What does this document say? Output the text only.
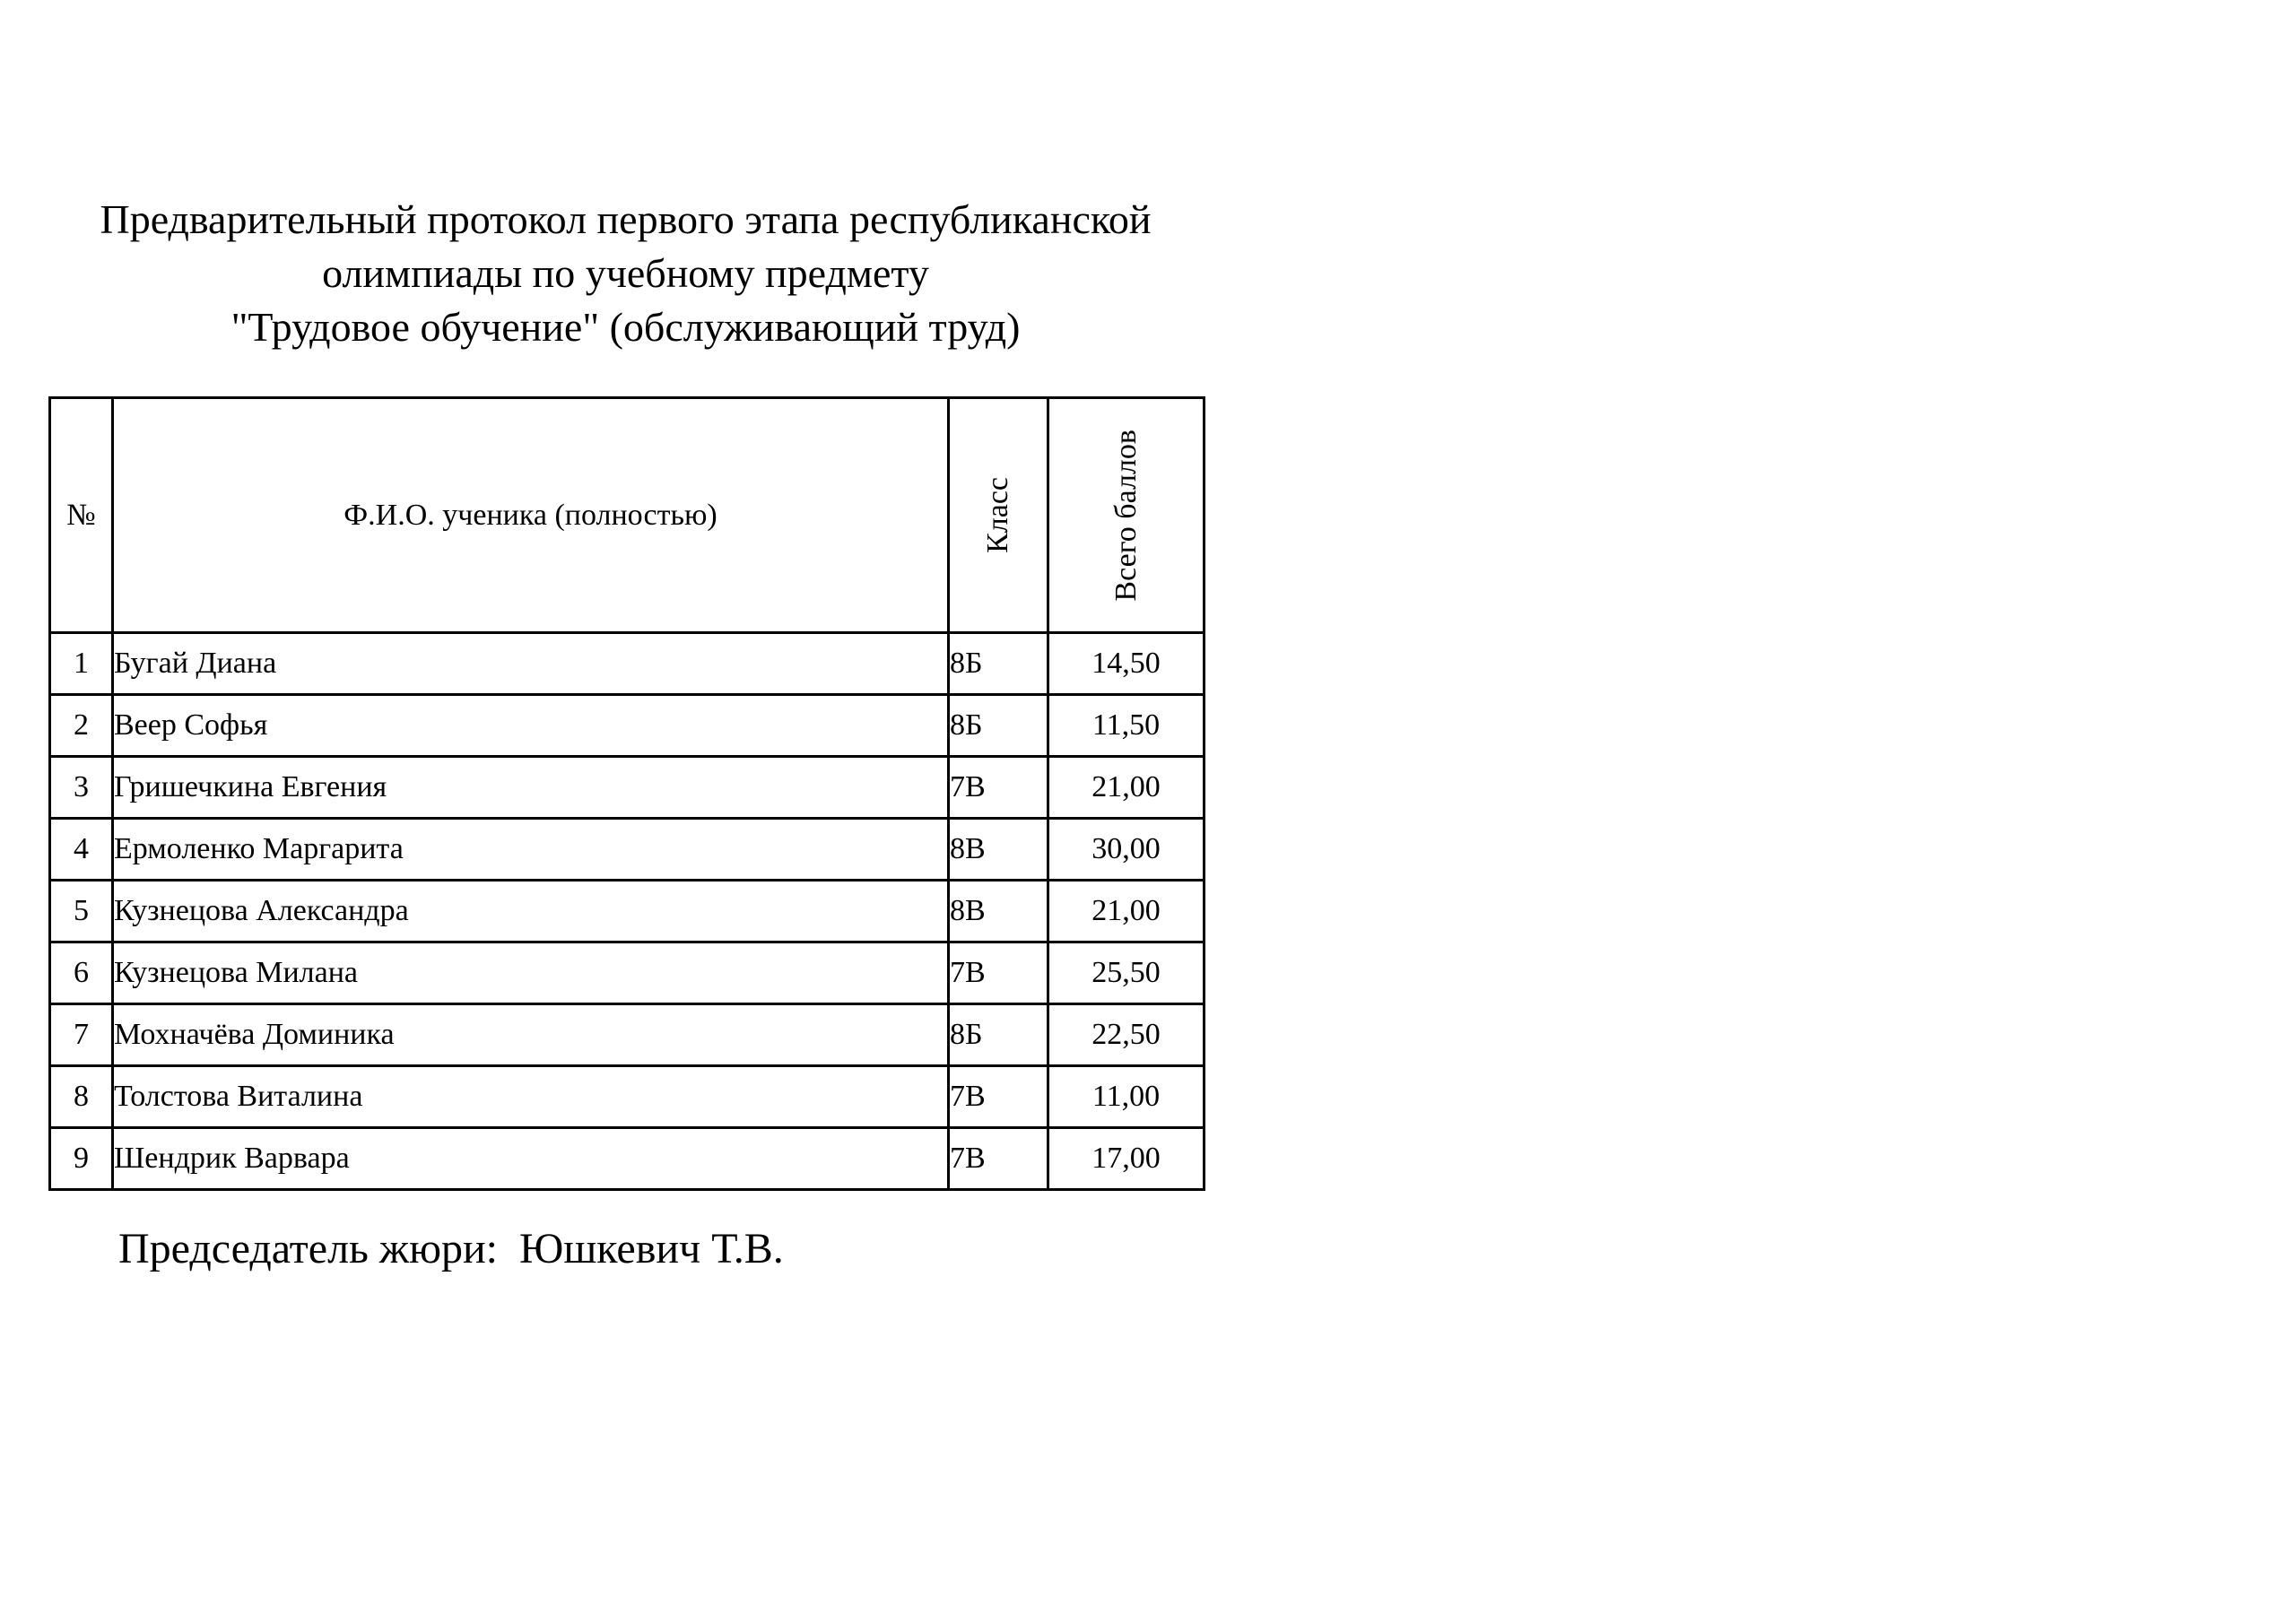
Предварительный протокол первого этапа республиканской
олимпиады по учебному предмету
"Трудовое обучение" (обслуживающий труд)
№	Ф.И.О. ученика (полностью)	Класс	Всего баллов

1	Бугай Диана	8Б	14,50
2	Веер Софья	8Б	11,50
3	Гришечкина Евгения	7В	21,00
4	Ермоленко Маргарита	8В	30,00
5	Кузнецова Александра	8В	21,00
6	Кузнецова Милана	7В	25,50
7	Мохначёва Доминика	8Б	22,50
8	Толстова Виталина	7В	11,00
9	Шендрик Варвара	7В	17,00
Председатель жюри:  Юшкевич Т.В.
